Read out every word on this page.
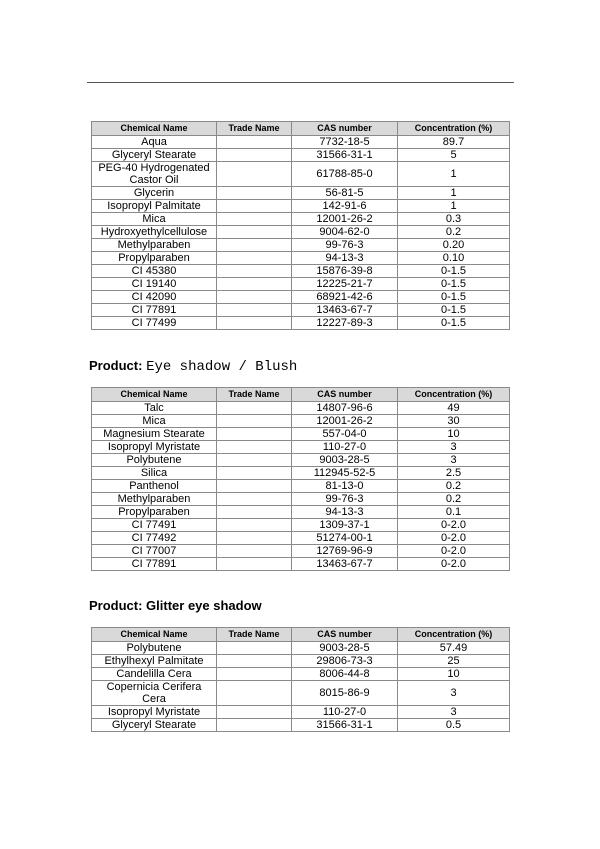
Chemical Name	Trade Name	CAS number	Concentration (%)
Aqua		7732-18-5	89.7
Glyceryl Stearate		31566-31-1	5
PEG-40 Hydrogenated Castor Oil		61788-85-0	1
Glycerin		56-81-5	1
Isopropyl Palmitate		142-91-6	1
Mica		12001-26-2	0.3
Hydroxyethylcellulose		9004-62-0	0.2
Methylparaben		99-76-3	0.20
Propylparaben		94-13-3	0.10
CI 45380		15876-39-8	0-1.5
CI 19140		12225-21-7	0-1.5
CI 42090		68921-42-6	0-1.5
CI 77891		13463-67-7	0-1.5
CI 77499		12227-89-3	0-1.5
Product: Eye shadow / Blush
Chemical Name	Trade Name	CAS number	Concentration (%)
Talc		14807-96-6	49
Mica		12001-26-2	30
Magnesium Stearate		557-04-0	10
Isopropyl Myristate		110-27-0	3
Polybutene		9003-28-5	3
Silica		112945-52-5	2.5
Panthenol		81-13-0	0.2
Methylparaben		99-76-3	0.2
Propylparaben		94-13-3	0.1
CI 77491		1309-37-1	0-2.0
CI 77492		51274-00-1	0-2.0
CI 77007		12769-96-9	0-2.0
CI 77891		13463-67-7	0-2.0
Product: Glitter eye shadow
Chemical Name	Trade Name	CAS number	Concentration (%)
Polybutene		9003-28-5	57.49
Ethylhexyl Palmitate		29806-73-3	25
Candelilla Cera		8006-44-8	10
Copernicia Cerifera Cera		8015-86-9	3
Isopropyl Myristate		110-27-0	3
Glyceryl Stearate		31566-31-1	0.5
